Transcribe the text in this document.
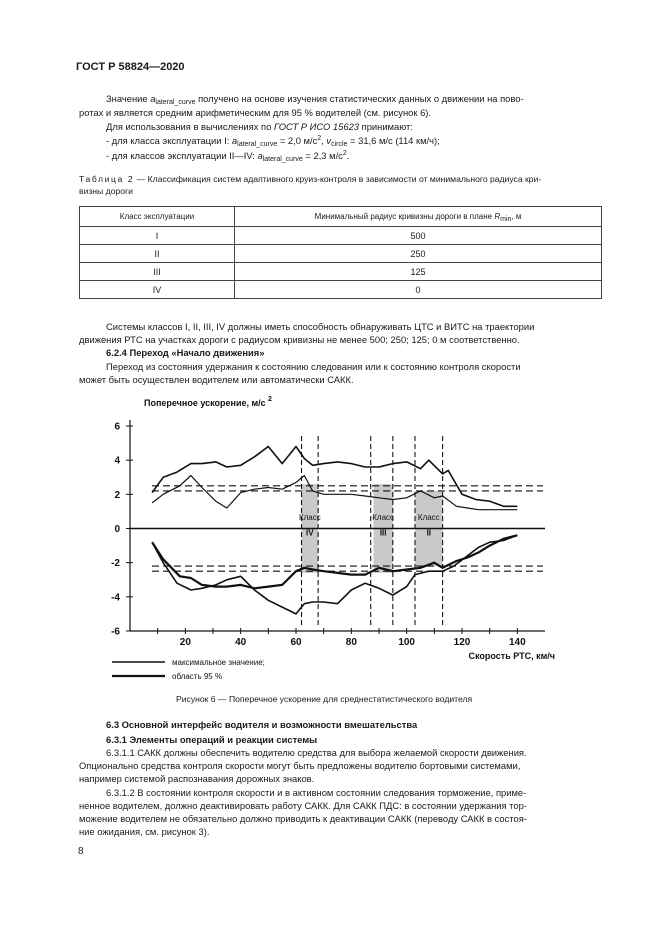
ГОСТ Р 58824—2020
Значение $a_{lateral\_curve}$ получено на основе изучения статистических данных о движении на пово-
ротах и является средним арифметическим для 95 % водителей (см. рисунок 6).
Для использования в вычислениях по ГОСТ Р ИСО 15623 принимают:
- для класса эксплуатации I: $a_{lateral\_curve} = 2,0$ $м/с^2$, $v_{circle} = 31,6$ м/с (114 км/ч);
- для классов эксплуатации II—IV: $a_{lateral\_curve} = 2,3$ $м/с^2$.
Таблица 2 — Классификация систем адаптивного круиз-контроля в зависимости от минимального радиуса кри-
визны дороги
Класс эксплуатации	Минимальный радиус кривизны дороги в плане $R_{min}$, м
I	500
II	250
III	125
IV	0
Системы классов I, II, III, IV должны иметь способность обнаруживать ЦТС и ВИТС на траектории
движения РТС на участках дороги с радиусом кривизны не менее 500; 250; 125; 0 м соответственно.
6.2.4 Переход «Начало движения»
Переход из состояния удержания к состоянию следования или к состоянию контроля скорости
может быть осуществлен водителем или автоматически САКК.
6
4
2
0
-2
-4
-6
20	40	60	80	100	120	140
Поперечное ускорение, м/с 2
Скорость РТС, км/ч
Класс
IV
Класс
III
Класс
II
максимальное значение;
область 95 %
Рисунок 6 — Поперечное ускорение для среднестатистического водителя
6.3 Основной интерфейс водителя и возможности вмешательства
6.3.1 Элементы операций и реакции системы
6.3.1.1 САКК должны обеспечить водителю средства для выбора желаемой скорости движения.
Опционально средства контроля скорости могут быть предложены водителю бортовыми системами,
например системой распознавания дорожных знаков.
6.3.1.2 В состоянии контроля скорости и в активном состоянии следования торможение, приме-
ненное водителем, должно деактивировать работу САКК. Для САКК ПДС: в состоянии удержания тор-
можение водителем не обязательно должно приводить к деактивации САКК (переводу САКК в состоя-
ние ожидания, см. рисунок 3).
8
